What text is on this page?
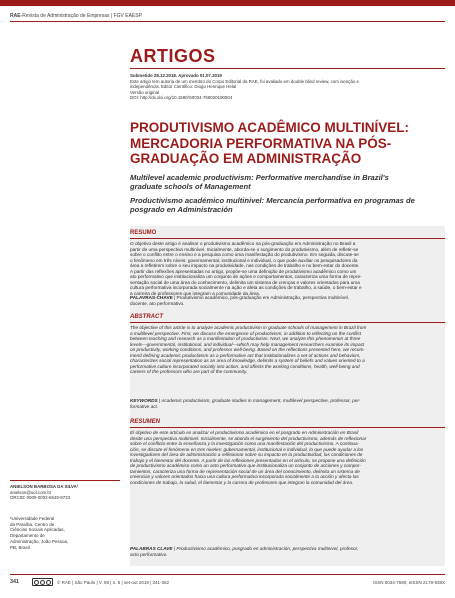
RAE-Revista de Administração de Empresas | FGV EAESP
ARTIGOS
Submetido 28.12.2018. Aprovado 01.07.2019
Este artigo tem autoria de um membro do Corpo Editorial da RAE, foi avaliado em double blind review, com isenção e
independência. Editor Científico: Diogo Henrique Helal
Versão original
DOI: http://dx.doi.org/10.1590/S0034-759020190504
PRODUTIVISMO ACADÊMICO MULTINÍVEL:
MERCADORIA PERFORMATIVA NA PÓS-
GRADUAÇÃO EM ADMINISTRAÇÃO
Multilevel academic productivism: Performative merchandise in Brazil's
graduate schools of Management
Productivismo académico multinivel: Mercancía performativa en programas de
posgrado en Administración
RESUMO
O objetivo deste artigo é analisar o produtivismo acadêmico na pós-graduação em Administração no Brasil a
partir de uma perspectiva multinível. Inicialmente, aborda-se o surgimento do produtivismo, além de refletir-se
sobre o conflito entre o ensino e a pesquisa como uma manifestação do produtivismo. Em seguida, discute-se
o fenômeno em três níveis: governamental, institucional e individual, o que pode auxiliar os pesquisadores da
área a refletirem sobre o seu impacto na produtividade, nas condições de trabalho e no bem-estar do docente.
A partir das reflexões apresentadas no artigo, propõe-se uma definição de produtivismo acadêmico como um
ato performativo que institucionaliza um conjunto de ações e comportamentos, caracteriza uma forma de repre-
sentação social de uma área do conhecimento, delimita um sistema de crenças e valores orientados para uma
cultura performativa incorporada socialmente na ação e afeta as condições de trabalho, a saúde, o bem-estar e
a carreira de professores que integram a comunidade da área.
PALAVRAS-CHAVE | Produtivismo acadêmico, pós-graduação em Administração, perspectiva multinível,
docente, ato performativo.
ABSTRACT
The objective of this article is to analyze academic productivism in graduate schools of management in Brazil from
a multilevel perspective. First, we discuss the emergence of productivism, in addition to reflecting on the conflict
between teaching and research as a manifestation of productivism. Next, we analyze this phenomenon at three
levels—governmental, institutional, and individual—which may help management researchers examine its impact
on productivity, working conditions, and professor well-being. Based on the reflections presented here, we recom-
mend defining academic productivism as a performative act that institutionalizes a set of actions and behaviors,
characterizes social representation as an area of knowledge, delimits a system of beliefs and values oriented to a
performative culture incorporated socially into action, and affects the working conditions, health, well-being and
careers of the professors who are part of the community.
KEYWORDS | Academic productivism, graduate studies in management, multilevel perspective, professor, per-
formative act.
RESUMEN
El objetivo de este artículo es analizar el productivismo académico en el posgrado en Administración en Brasil
desde una perspectiva multinivel. Inicialmente, se aborda el surgimiento del productivismo, además de reflexionar
sobre el conflicto entre la enseñanza y la investigación como una manifestación del productivismo. A continua-
ción, se discute el fenómeno en tres niveles: gubernamental, institucional e individual, lo que puede ayudar a los
investigadores del área de administración a reflexionar sobre su impacto en la productividad, las condiciones de
trabajo y el bienestar del docente. A partir de las reflexiones presentadas en el artículo, se propone una definición
de productivismo académico como un acto performativo que institucionaliza un conjunto de acciones y compor-
tamientos, caracteriza una forma de representación social de un área del conocimiento, delimita un sistema de
creencias y valores orientados hacia una cultura performativa incorporada socialmente a la acción y afecta las
condiciones de trabajo, la salud, el bienestar y la carrera de profesores que integran la comunidad del área.
PALABRAS CLAVE | Productivismo académico, posgrado en administración, perspectiva multinivel, profesor,
acto performativo.
ANIELSON BARBOSA DA SILVA¹
anielson@uol.com.br
ORCID: 0000-0002-6549-9733
¹Universidade Federal
da Paraíba, Centro de
Ciências Sociais Aplicadas,
Departamento de
Administração, João Pessoa,
PB, Brasil
341	© RAE | São Paulo | V. 59 | n. 5 | set-out 2019 | 341-352	ISSN 0034-7590; eISSN 2178-938X
